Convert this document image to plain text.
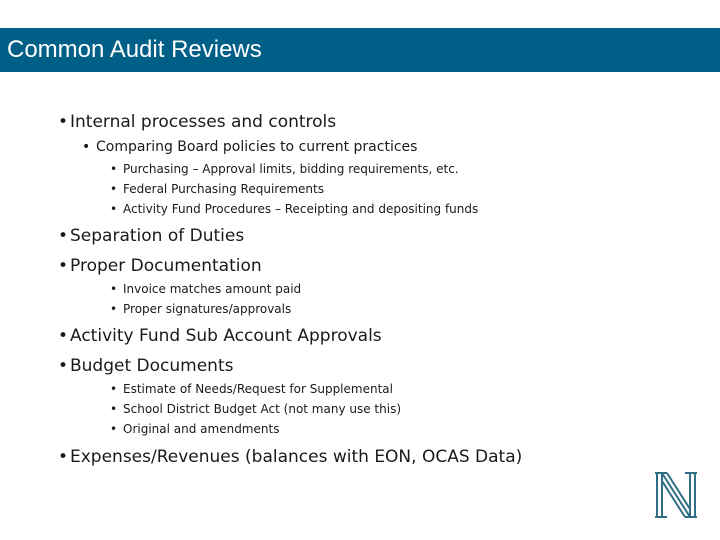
Common Audit Reviews
• Internal processes and controls
• Comparing Board policies to current practices
• Purchasing – Approval limits, bidding requirements, etc.
• Federal Purchasing Requirements
• Activity Fund Procedures – Receipting and depositing funds
• Separation of Duties
• Proper Documentation
• Invoice matches amount paid
• Proper signatures/approvals
• Activity Fund Sub Account Approvals
• Budget Documents
• Estimate of Needs/Request for Supplemental
• School District Budget Act (not many use this)
• Original and amendments
• Expenses/Revenues (balances with EON, OCAS Data)
